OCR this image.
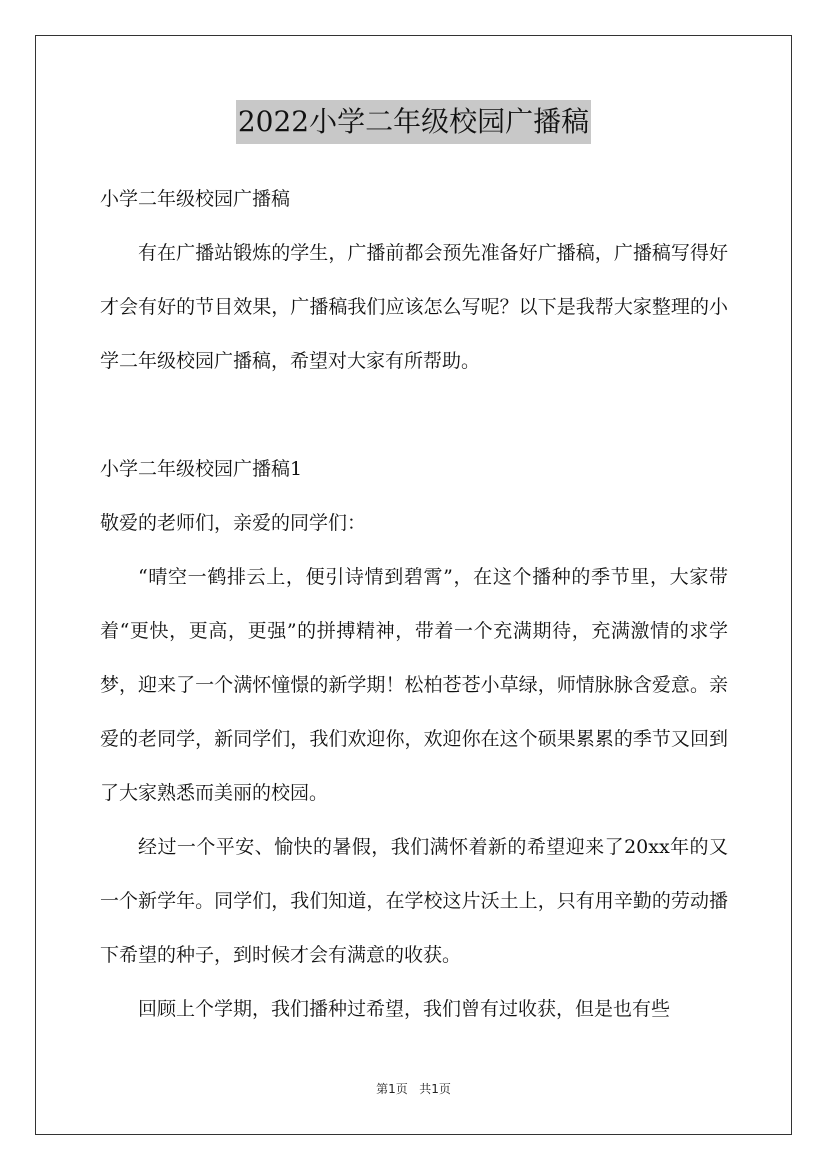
2022小学二年级校园广播稿

小学二年级校园广播稿

有在广播站锻炼的学生，广播前都会预先准备好广播稿，广播稿写得好才会有好的节目效果，广播稿我们应该怎么写呢？以下是我帮大家整理的小学二年级校园广播稿，希望对大家有所帮助。

小学二年级校园广播稿1

敬爱的老师们，亲爱的同学们：

“晴空一鹤排云上，便引诗情到碧霄”，在这个播种的季节里，大家带着“更快，更高，更强”的拼搏精神，带着一个充满期待，充满激情的求学梦，迎来了一个满怀憧憬的新学期！松柏苍苍小草绿，师情脉脉含爱意。亲爱的老同学，新同学们，我们欢迎你，欢迎你在这个硕果累累的季节又回到了大家熟悉而美丽的校园。

经过一个平安、愉快的暑假，我们满怀着新的希望迎来了20xx年的又一个新学年。同学们，我们知道，在学校这片沃土上，只有用辛勤的劳动播下希望的种子，到时候才会有满意的收获。

回顾上个学期，我们播种过希望，我们曾有过收获，但是也有些

第1页 共1页
